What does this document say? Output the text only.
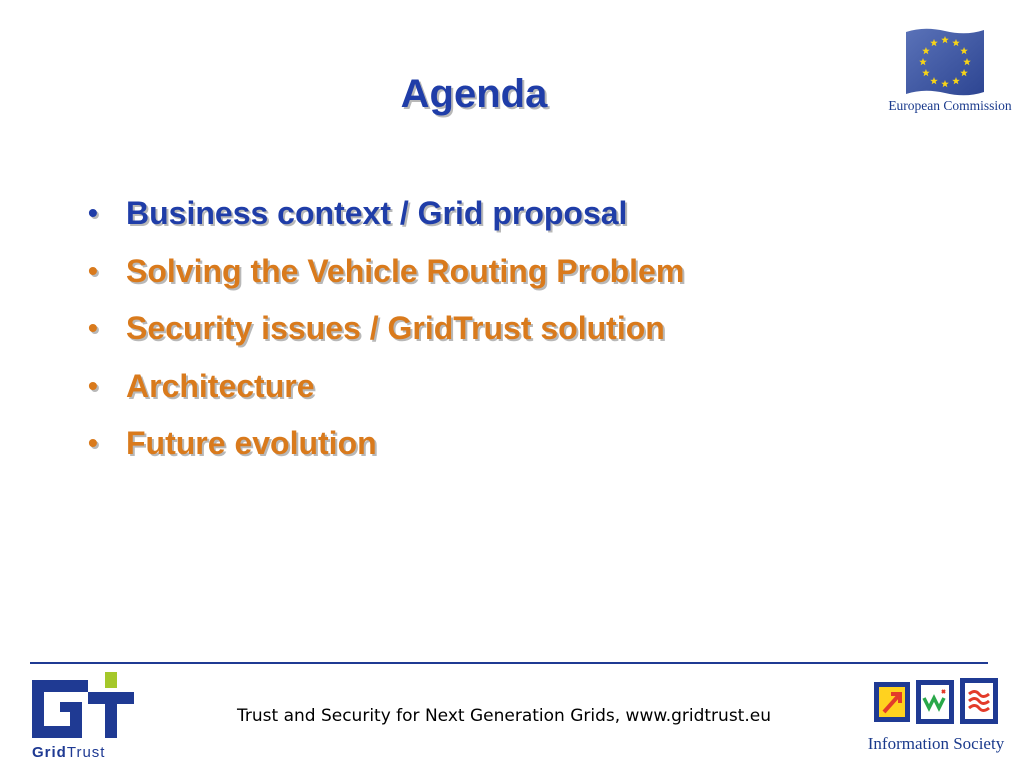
Agenda	European Commission
• Business context / Grid proposal
• Solving the Vehicle Routing Problem
• Security issues / GridTrust solution
• Architecture
• Future evolution
GridTrust
Trust and Security for Next Generation Grids, www.gridtrust.eu
Information Society
